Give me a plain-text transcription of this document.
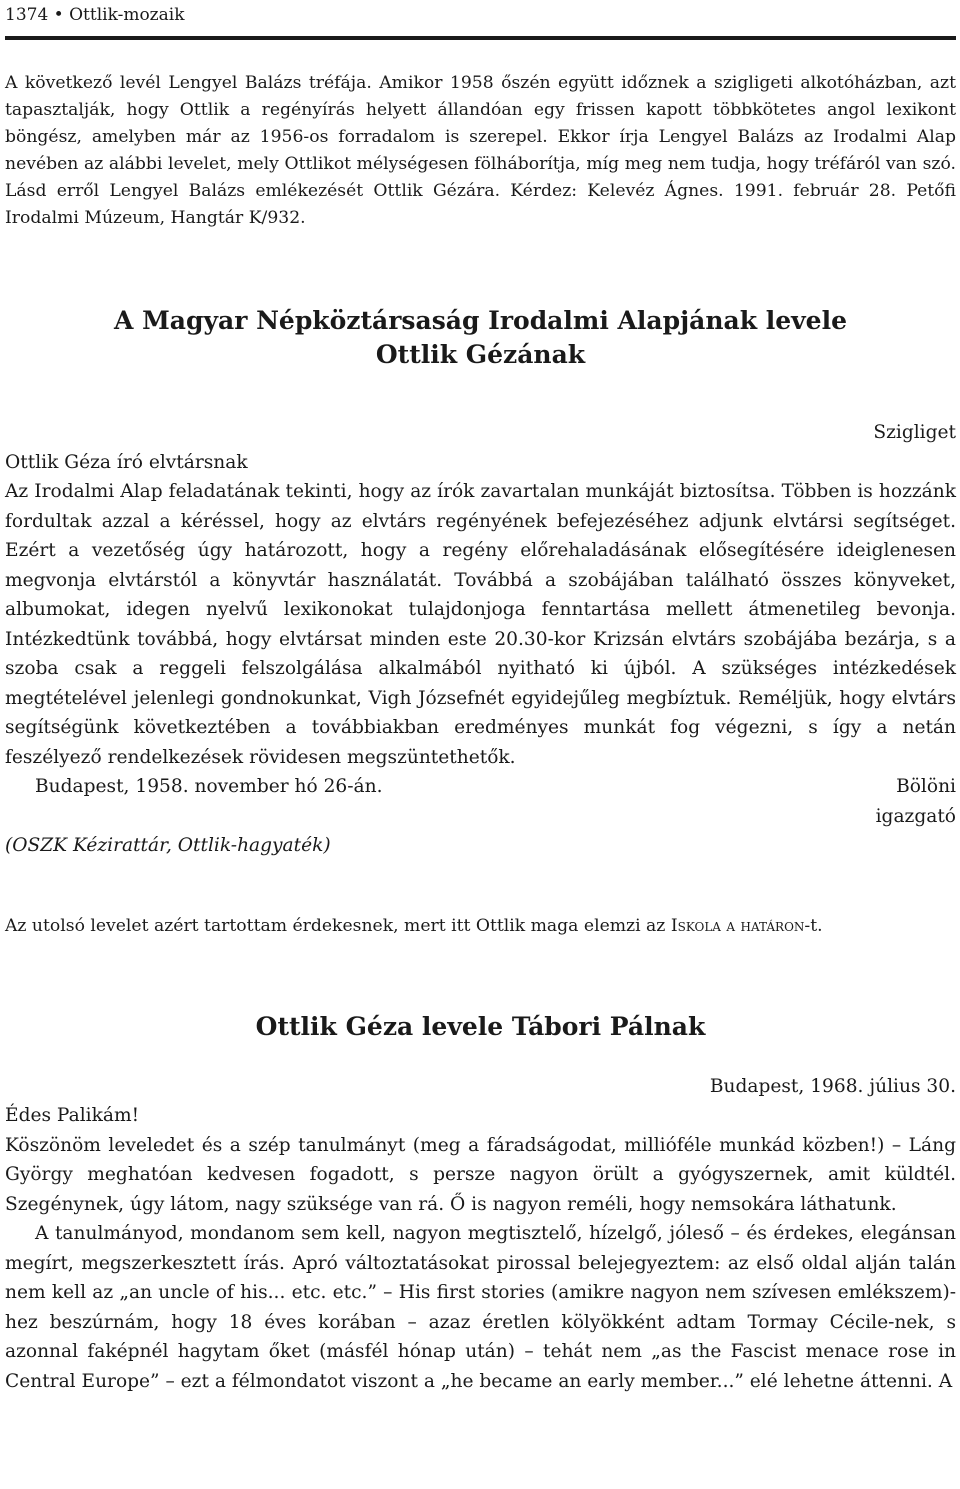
1374 • Ottlik-mozaik

A következő levél Lengyel Balázs tréfája. Amikor 1958 őszén együtt időznek a szigligeti alkotóházban, azt tapasztalják, hogy Ottlik a regényírás helyett állandóan egy frissen kapott többkötetes angol lexikont böngész, amelyben már az 1956-os forradalom is szerepel. Ekkor írja Lengyel Balázs az Irodalmi Alap nevében az alábbi levelet, mely Ottlikot mélységesen fölháborítja, míg meg nem tudja, hogy tréfáról van szó. Lásd erről Lengyel Balázs emlékezését Ottlik Gézára. Kérdez: Kelevéz Ágnes. 1991. február 28. Petőfi Irodalmi Múzeum, Hangtár K/932.

A Magyar Népköztársaság Irodalmi Alapjának levele
Ottlik Gézának
Szigliget
Ottlik Géza író elvtársnak

Az Irodalmi Alap feladatának tekinti, hogy az írók zavartalan munkáját biztosítsa. Többen is hozzánk fordultak azzal a kéréssel, hogy az elvtárs regényének befejezéséhez adjunk elvtársi segítséget. Ezért a vezetőség úgy határozott, hogy a regény előrehaladásának elősegítésére ideiglenesen megvonja elvtárstól a könyvtár használatát. Továbbá a szobájában található összes könyveket, albumokat, idegen nyelvű lexikonokat tulajdonjoga fenntartása mellett átmenetileg bevonja. Intézkedtünk továbbá, hogy elvtársat minden este 20.30-kor Krizsán elvtárs szobájába bezárja, s a szoba csak a reggeli felszolgálása alkalmából nyitható ki újból. A szükséges intézkedések megtételével jelenlegi gondnokunkat, Vigh Józsefnét egyidejűleg megbíztuk. Reméljük, hogy elvtárs segítségünk következtében a továbbiakban eredményes munkát fog végezni, s így a netán feszélyező rendelkezések rövidesen megszüntethetők.

Budapest, 1958. november hó 26-án.	Bölöni
igazgató
(OSZK Kézirattár, Ottlik-hagyaték)

Az utolsó levelet azért tartottam érdekesnek, mert itt Ottlik maga elemzi az Iskola a határon-t.

Ottlik Géza levele Tábori Pálnak
Budapest, 1968. július 30.
Édes Palikám!

Köszönöm leveledet és a szép tanulmányt (meg a fáradságodat, millióféle munkád közben!) – Láng György meghatóan kedvesen fogadott, s persze nagyon örült a gyógyszernek, amit küldtél. Szegénynek, úgy látom, nagy szüksége van rá. Ő is nagyon reméli, hogy nemsokára láthatunk.

A tanulmányod, mondanom sem kell, nagyon megtisztelő, hízelgő, jóleső – és érdekes, elegánsan megírt, megszerkesztett írás. Apró változtatásokat pirossal belejegyeztem: az első oldal alján talán nem kell az „an uncle of his... etc. etc.” – His first stories (amikre nagyon nem szívesen emlékszem)-hez beszúrnám, hogy 18 éves korában – azaz éretlen kölyökként adtam Tormay Cécile-nek, s azonnal faképnél hagytam őket (másfél hónap után) – tehát nem „as the Fascist menace rose in Central Europe” – ezt a félmondatot viszont a „he became an early member...” elé lehetne áttenni. A
